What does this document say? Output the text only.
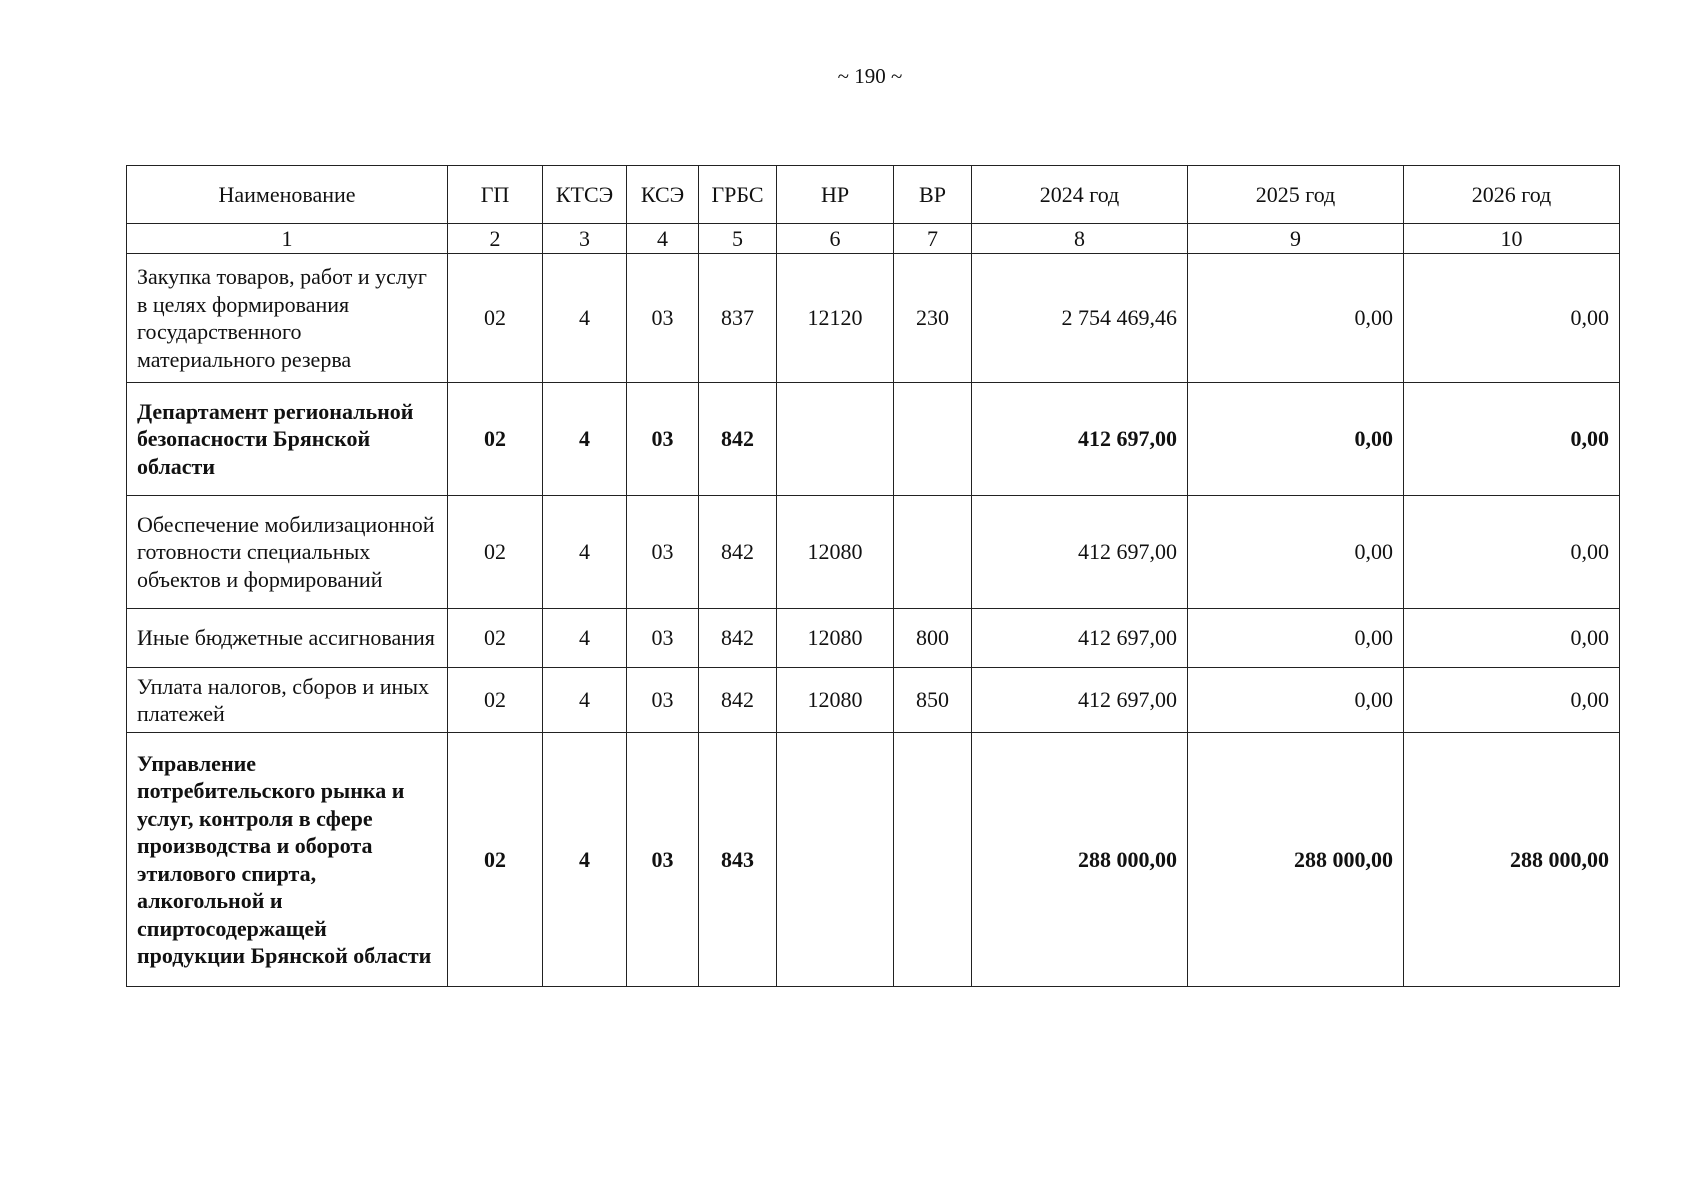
~ 190 ~
Наименование	ГП	КТСЭ	КСЭ	ГРБС	НР	ВР	2024 год	2025 год	2026 год
1	2	3	4	5	6	7	8	9	10
Закупка товаров, работ и услуг в целях формирования государственного материального резерва	02	4	03	837	12120	230	2 754 469,46	0,00	0,00
Департамент региональной безопасности Брянской области	02	4	03	842			412 697,00	0,00	0,00
Обеспечение мобилизационной готовности специальных объектов и формирований	02	4	03	842	12080		412 697,00	0,00	0,00
Иные бюджетные ассигнования	02	4	03	842	12080	800	412 697,00	0,00	0,00
Уплата налогов, сборов и иных платежей	02	4	03	842	12080	850	412 697,00	0,00	0,00
Управление потребительского рынка и услуг, контроля в сфере производства и оборота этилового спирта, алкогольной и спиртосодержащей продукции Брянской области	02	4	03	843			288 000,00	288 000,00	288 000,00
